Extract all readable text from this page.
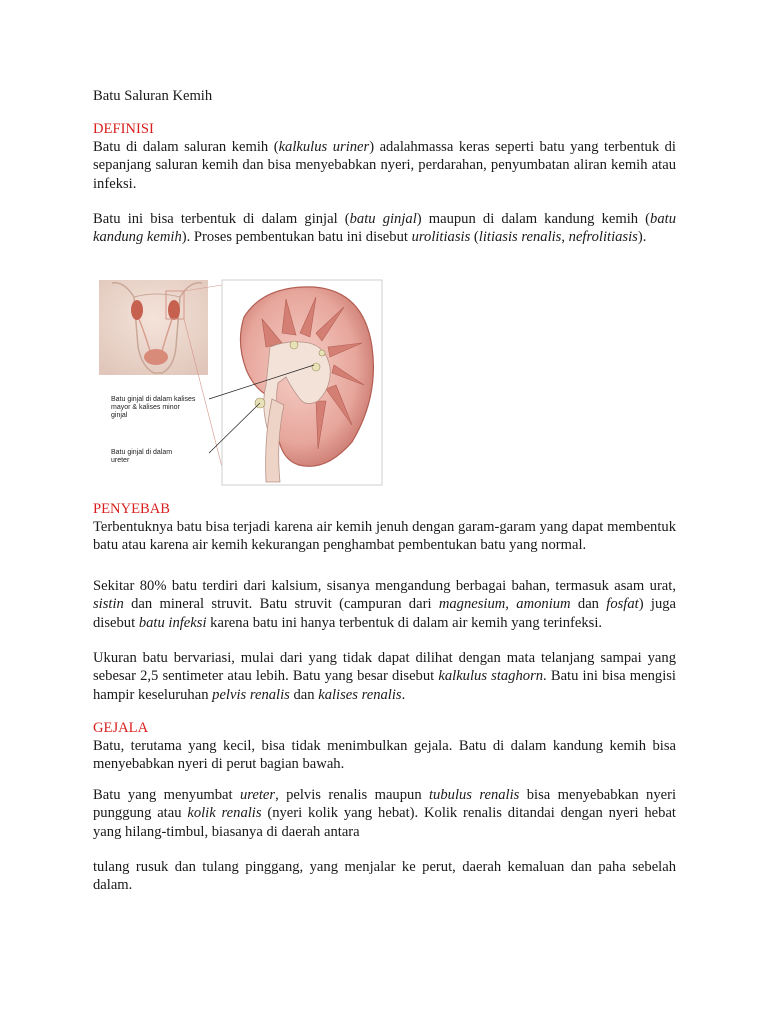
Batu Saluran Kemih
DEFINISI

Batu di dalam saluran kemih (kalkulus uriner) adalahmassa keras seperti batu yang terbentuk di sepanjang saluran kemih dan bisa menyebabkan nyeri, perdarahan, penyumbatan aliran kemih atau infeksi.

Batu ini bisa terbentuk di dalam ginjal (batu ginjal) maupun di dalam kandung kemih (batu kandung kemih). Proses pembentukan batu ini disebut urolitiasis (litiasis renalis, nefrolitiasis).

PENYEBAB

Terbentuknya batu bisa terjadi karena air kemih jenuh dengan garam-garam yang dapat membentuk batu atau karena air kemih kekurangan penghambat pembentukan batu yang normal.

Sekitar 80% batu terdiri dari kalsium, sisanya mengandung berbagai bahan, termasuk asam urat, sistin dan mineral struvit. Batu struvit (campuran dari magnesium, amonium dan fosfat) juga disebut batu infeksi karena batu ini hanya terbentuk di dalam air kemih yang terinfeksi.

Ukuran batu bervariasi, mulai dari yang tidak dapat dilihat dengan mata telanjang sampai yang sebesar 2,5 sentimeter atau lebih. Batu yang besar disebut kalkulus staghorn. Batu ini bisa mengisi hampir keseluruhan pelvis renalis dan kalises renalis.

GEJALA

Batu, terutama yang kecil, bisa tidak menimbulkan gejala. Batu di dalam kandung kemih bisa menyebabkan nyeri di perut bagian bawah.

Batu yang menyumbat ureter, pelvis renalis maupun tubulus renalis bisa menyebabkan nyeri punggung atau kolik renalis (nyeri kolik yang hebat). Kolik renalis ditandai dengan nyeri hebat yang hilang-timbul, biasanya di daerah antara

tulang rusuk dan tulang pinggang, yang menjalar ke perut, daerah kemaluan dan paha sebelah dalam.

Batu ginjal di dalam kalises
mayor & kalises minor
ginjal
Batu ginjal di dalam
ureter
